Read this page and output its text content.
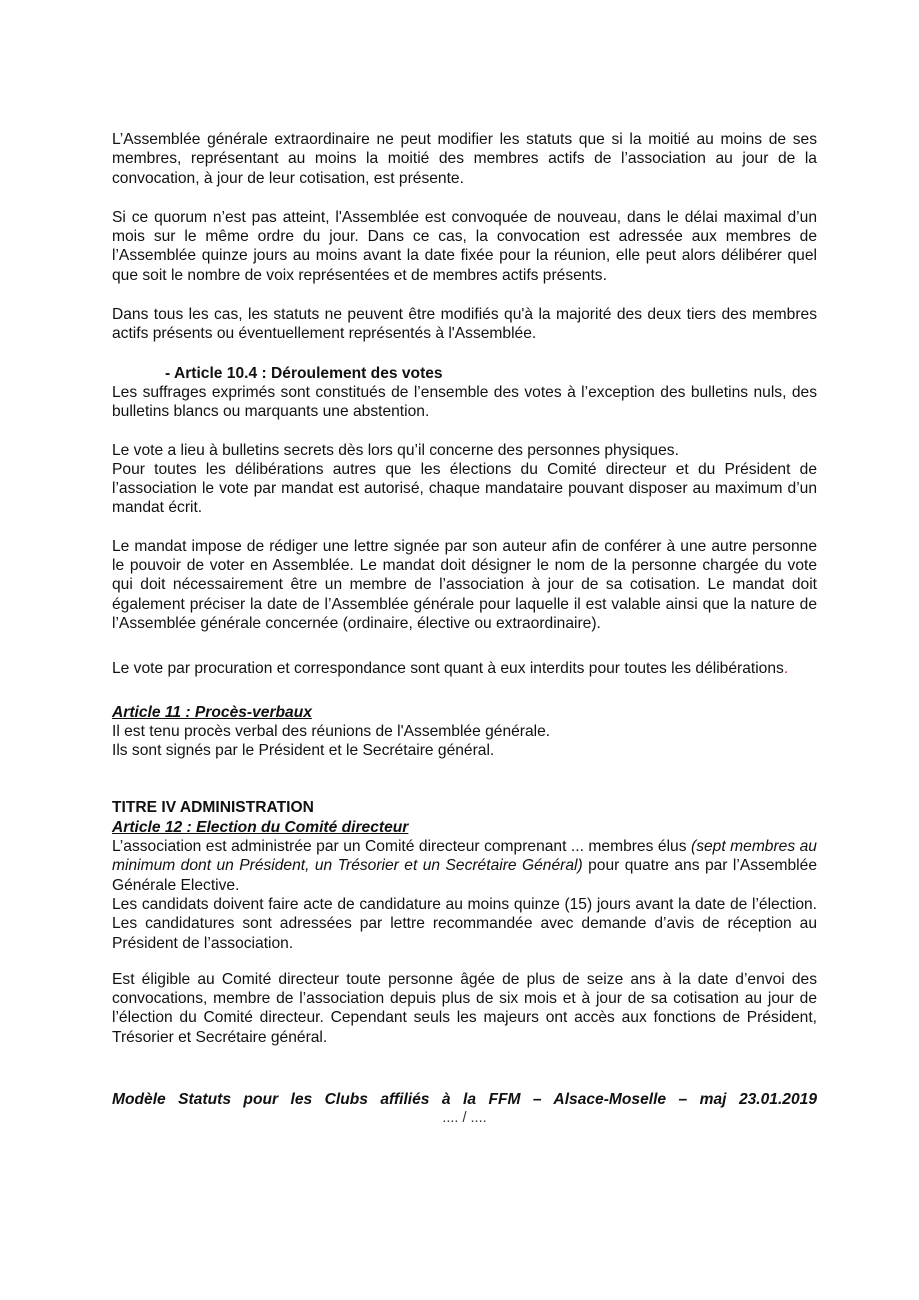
L’Assemblée générale extraordinaire ne peut modifier les statuts que si la moitié au moins de ses membres, représentant au moins la moitié des membres actifs de l’association au jour de la convocation, à jour de leur cotisation, est présente.

Si ce quorum n’est pas atteint, l'Assemblée est convoquée de nouveau, dans le délai maximal d’un mois sur le même ordre du jour. Dans ce cas, la convocation est adressée aux membres de l’Assemblée quinze jours au moins avant la date fixée pour la réunion, elle peut alors délibérer quel que soit le nombre de voix représentées et de membres actifs présents.

Dans tous les cas, les statuts ne peuvent être modifiés qu'à la majorité des deux tiers des membres actifs présents ou éventuellement représentés à l'Assemblée.

- Article 10.4 : Déroulement des votes

Les suffrages exprimés sont constitués de l’ensemble des votes à l’exception des bulletins nuls, des bulletins blancs ou marquants une abstention.

Le vote a lieu à bulletins secrets dès lors qu’il concerne des personnes physiques.
Pour toutes les délibérations autres que les élections du Comité directeur et du Président de l’association le vote par mandat est autorisé, chaque mandataire pouvant disposer au maximum d’un mandat écrit.

Le mandat impose de rédiger une lettre signée par son auteur afin de conférer à une autre personne le pouvoir de voter en Assemblée. Le mandat doit désigner le nom de la personne chargée du vote qui doit nécessairement être un membre de l’association à jour de sa cotisation. Le mandat doit également préciser la date de l’Assemblée générale pour laquelle il est valable ainsi que la nature de l’Assemblée générale concernée (ordinaire, élective ou extraordinaire).

Le vote par procuration et correspondance sont quant à eux interdits pour toutes les délibérations.

Article 11 : Procès-verbaux

Il est tenu procès verbal des réunions de l'Assemblée générale.
Ils sont signés par le Président et le Secrétaire général.

TITRE IV ADMINISTRATION

Article 12 : Election du Comité directeur

L’association est administrée par un Comité directeur comprenant ... membres élus (sept membres au minimum dont un Président, un Trésorier et un Secrétaire Général) pour quatre ans par l’Assemblée Générale Elective.
Les candidats doivent faire acte de candidature au moins quinze (15) jours avant la date de l’élection. Les candidatures sont adressées par lettre recommandée avec demande d’avis de réception au Président de l’association.

Est éligible au Comité directeur toute personne âgée de plus de seize ans à la date d’envoi des convocations, membre de l’association depuis plus de six mois et à jour de sa cotisation au jour de l’élection du Comité directeur. Cependant seuls les majeurs ont accès aux fonctions de Président, Trésorier et Secrétaire général.

Modèle Statuts pour les Clubs affiliés à la FFM – Alsace-Moselle – maj 23.01.2019

.... / ....
